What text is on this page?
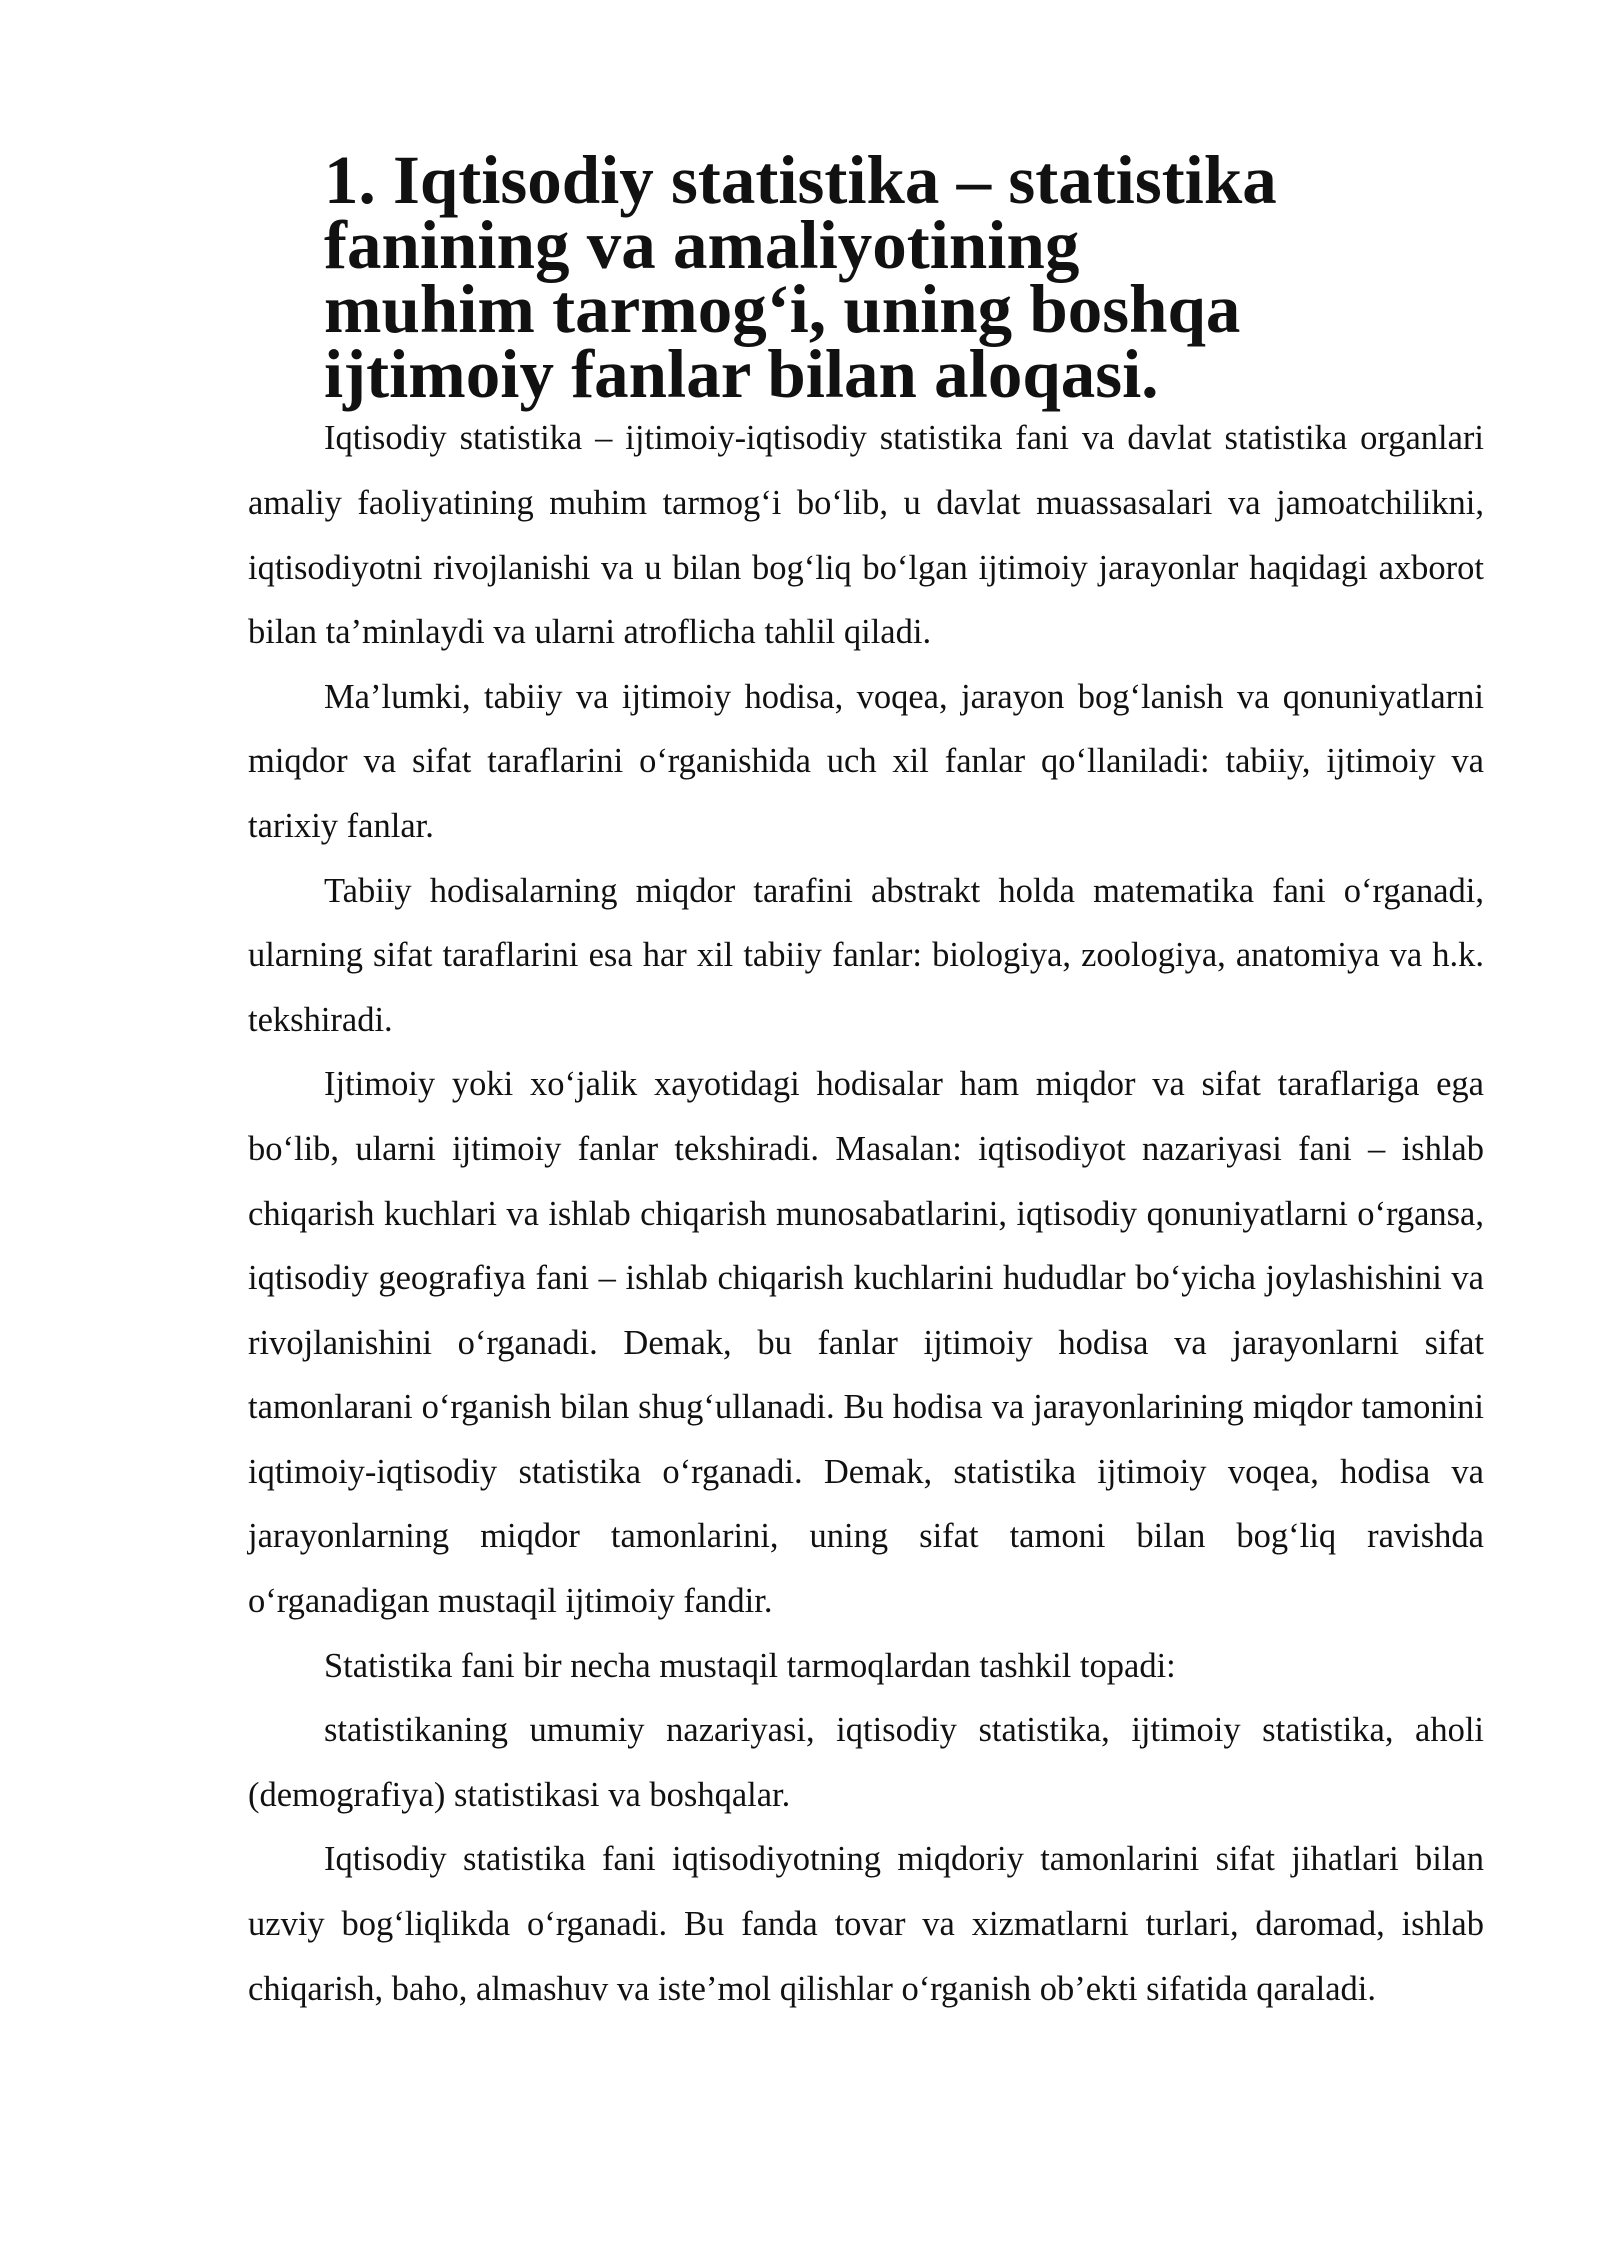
1. Iqtisodiy statistika – statistika fanining va amaliyotining
muhim tarmog‘i, uning boshqa ijtimoiy fanlar bilan aloqasi.

Iqtisodiy statistika – ijtimoiy-iqtisodiy statistika fani va davlat statistika organlari amaliy faoliyatining muhim tarmog‘i bo‘lib, u davlat muassasalari va jamoatchilikni, iqtisodiyotni rivojlanishi va u bilan bog‘liq bo‘lgan ijtimoiy jarayonlar haqidagi axborot bilan ta’minlaydi va ularni atroflicha tahlil qiladi.

Ma’lumki, tabiiy va ijtimoiy hodisa, voqea, jarayon bog‘lanish va qonuniyatlarni miqdor va sifat taraflarini o‘rganishida uch xil fanlar qo‘llaniladi: tabiiy, ijtimoiy va tarixiy fanlar.

Tabiiy hodisalarning miqdor tarafini abstrakt holda matematika fani o‘rganadi, ularning sifat taraflarini esa har xil tabiiy fanlar: biologiya, zoologiya, anatomiya va h.k. tekshiradi.

Ijtimoiy yoki xo‘jalik xayotidagi hodisalar ham miqdor va sifat taraflariga ega bo‘lib, ularni ijtimoiy fanlar tekshiradi. Masalan: iqtisodiyot nazariyasi fani – ishlab chiqarish kuchlari va ishlab chiqarish munosabatlarini, iqtisodiy qonuniyatlarni o‘rgansa, iqtisodiy geografiya fani – ishlab chiqarish kuchlarini hududlar bo‘yicha joylashishini va rivojlanishini o‘rganadi. Demak, bu fanlar ijtimoiy hodisa va jarayonlarni sifat tamonlarani o‘rganish bilan shug‘ullanadi. Bu hodisa va jarayonlarining miqdor tamonini iqtimoiy-iqtisodiy statistika o‘rganadi. Demak, statistika ijtimoiy voqea, hodisa va jarayonlarning miqdor tamonlarini, uning sifat tamoni bilan bog‘liq ravishda o‘rganadigan mustaqil ijtimoiy fandir.

Statistika fani bir necha mustaqil tarmoqlardan tashkil topadi:

statistikaning umumiy nazariyasi, iqtisodiy statistika, ijtimoiy statistika, aholi (demografiya) statistikasi va boshqalar.

Iqtisodiy statistika fani iqtisodiyotning miqdoriy tamonlarini sifat jihatlari bilan uzviy bog‘liqlikda o‘rganadi. Bu fanda tovar va xizmatlarni turlari, daromad, ishlab chiqarish, baho, almashuv va iste’mol qilishlar o‘rganish ob’ekti sifatida qaraladi.
